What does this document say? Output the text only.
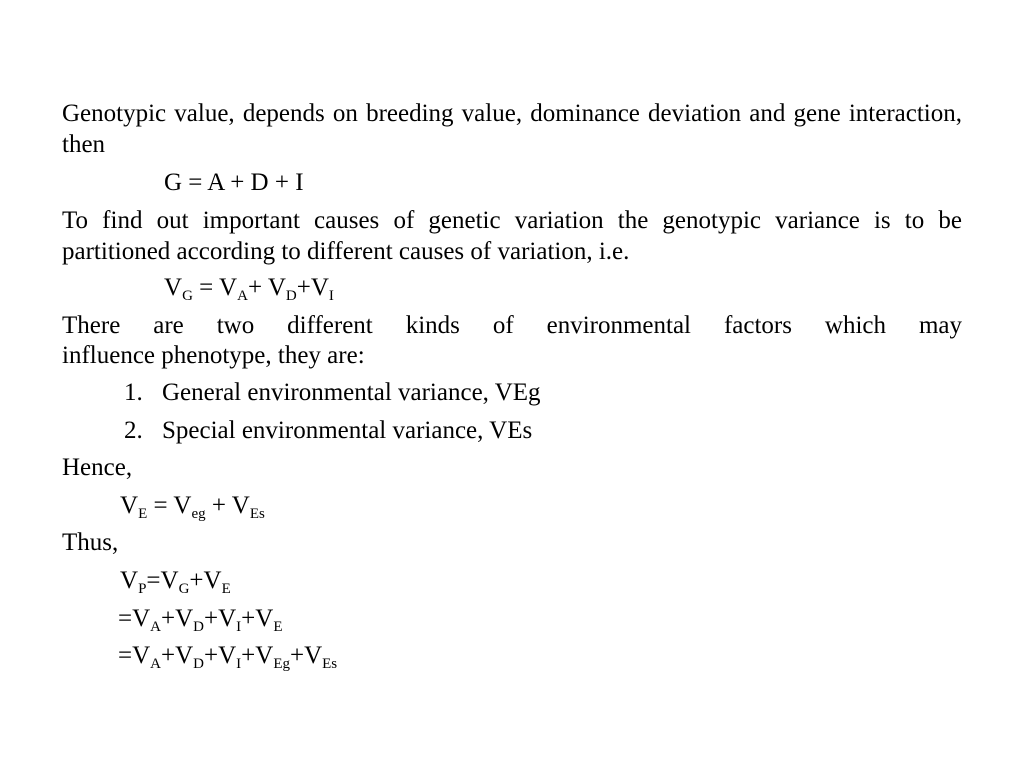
Genotypic value, depends on breeding value, dominance deviation and gene interaction, then
G = A + D + I
To find out important causes of genetic variation the genotypic variance is to be partitioned according to different causes of variation, i.e.
$V_G = V_A+ V_D+V_I$
There are two different kinds of environmental factors which may
influence phenotype, they are:
1. General environmental variance, VEg
2. Special environmental variance, VEs
Hence,
$V_E = V_{eg} + V_{Es}$
Thus,
$V_P=V_G+V_E$
$=V_A+V_D+V_I+V_E$
$=V_A+V_D+V_I+V_{Eg}+V_{Es}$
